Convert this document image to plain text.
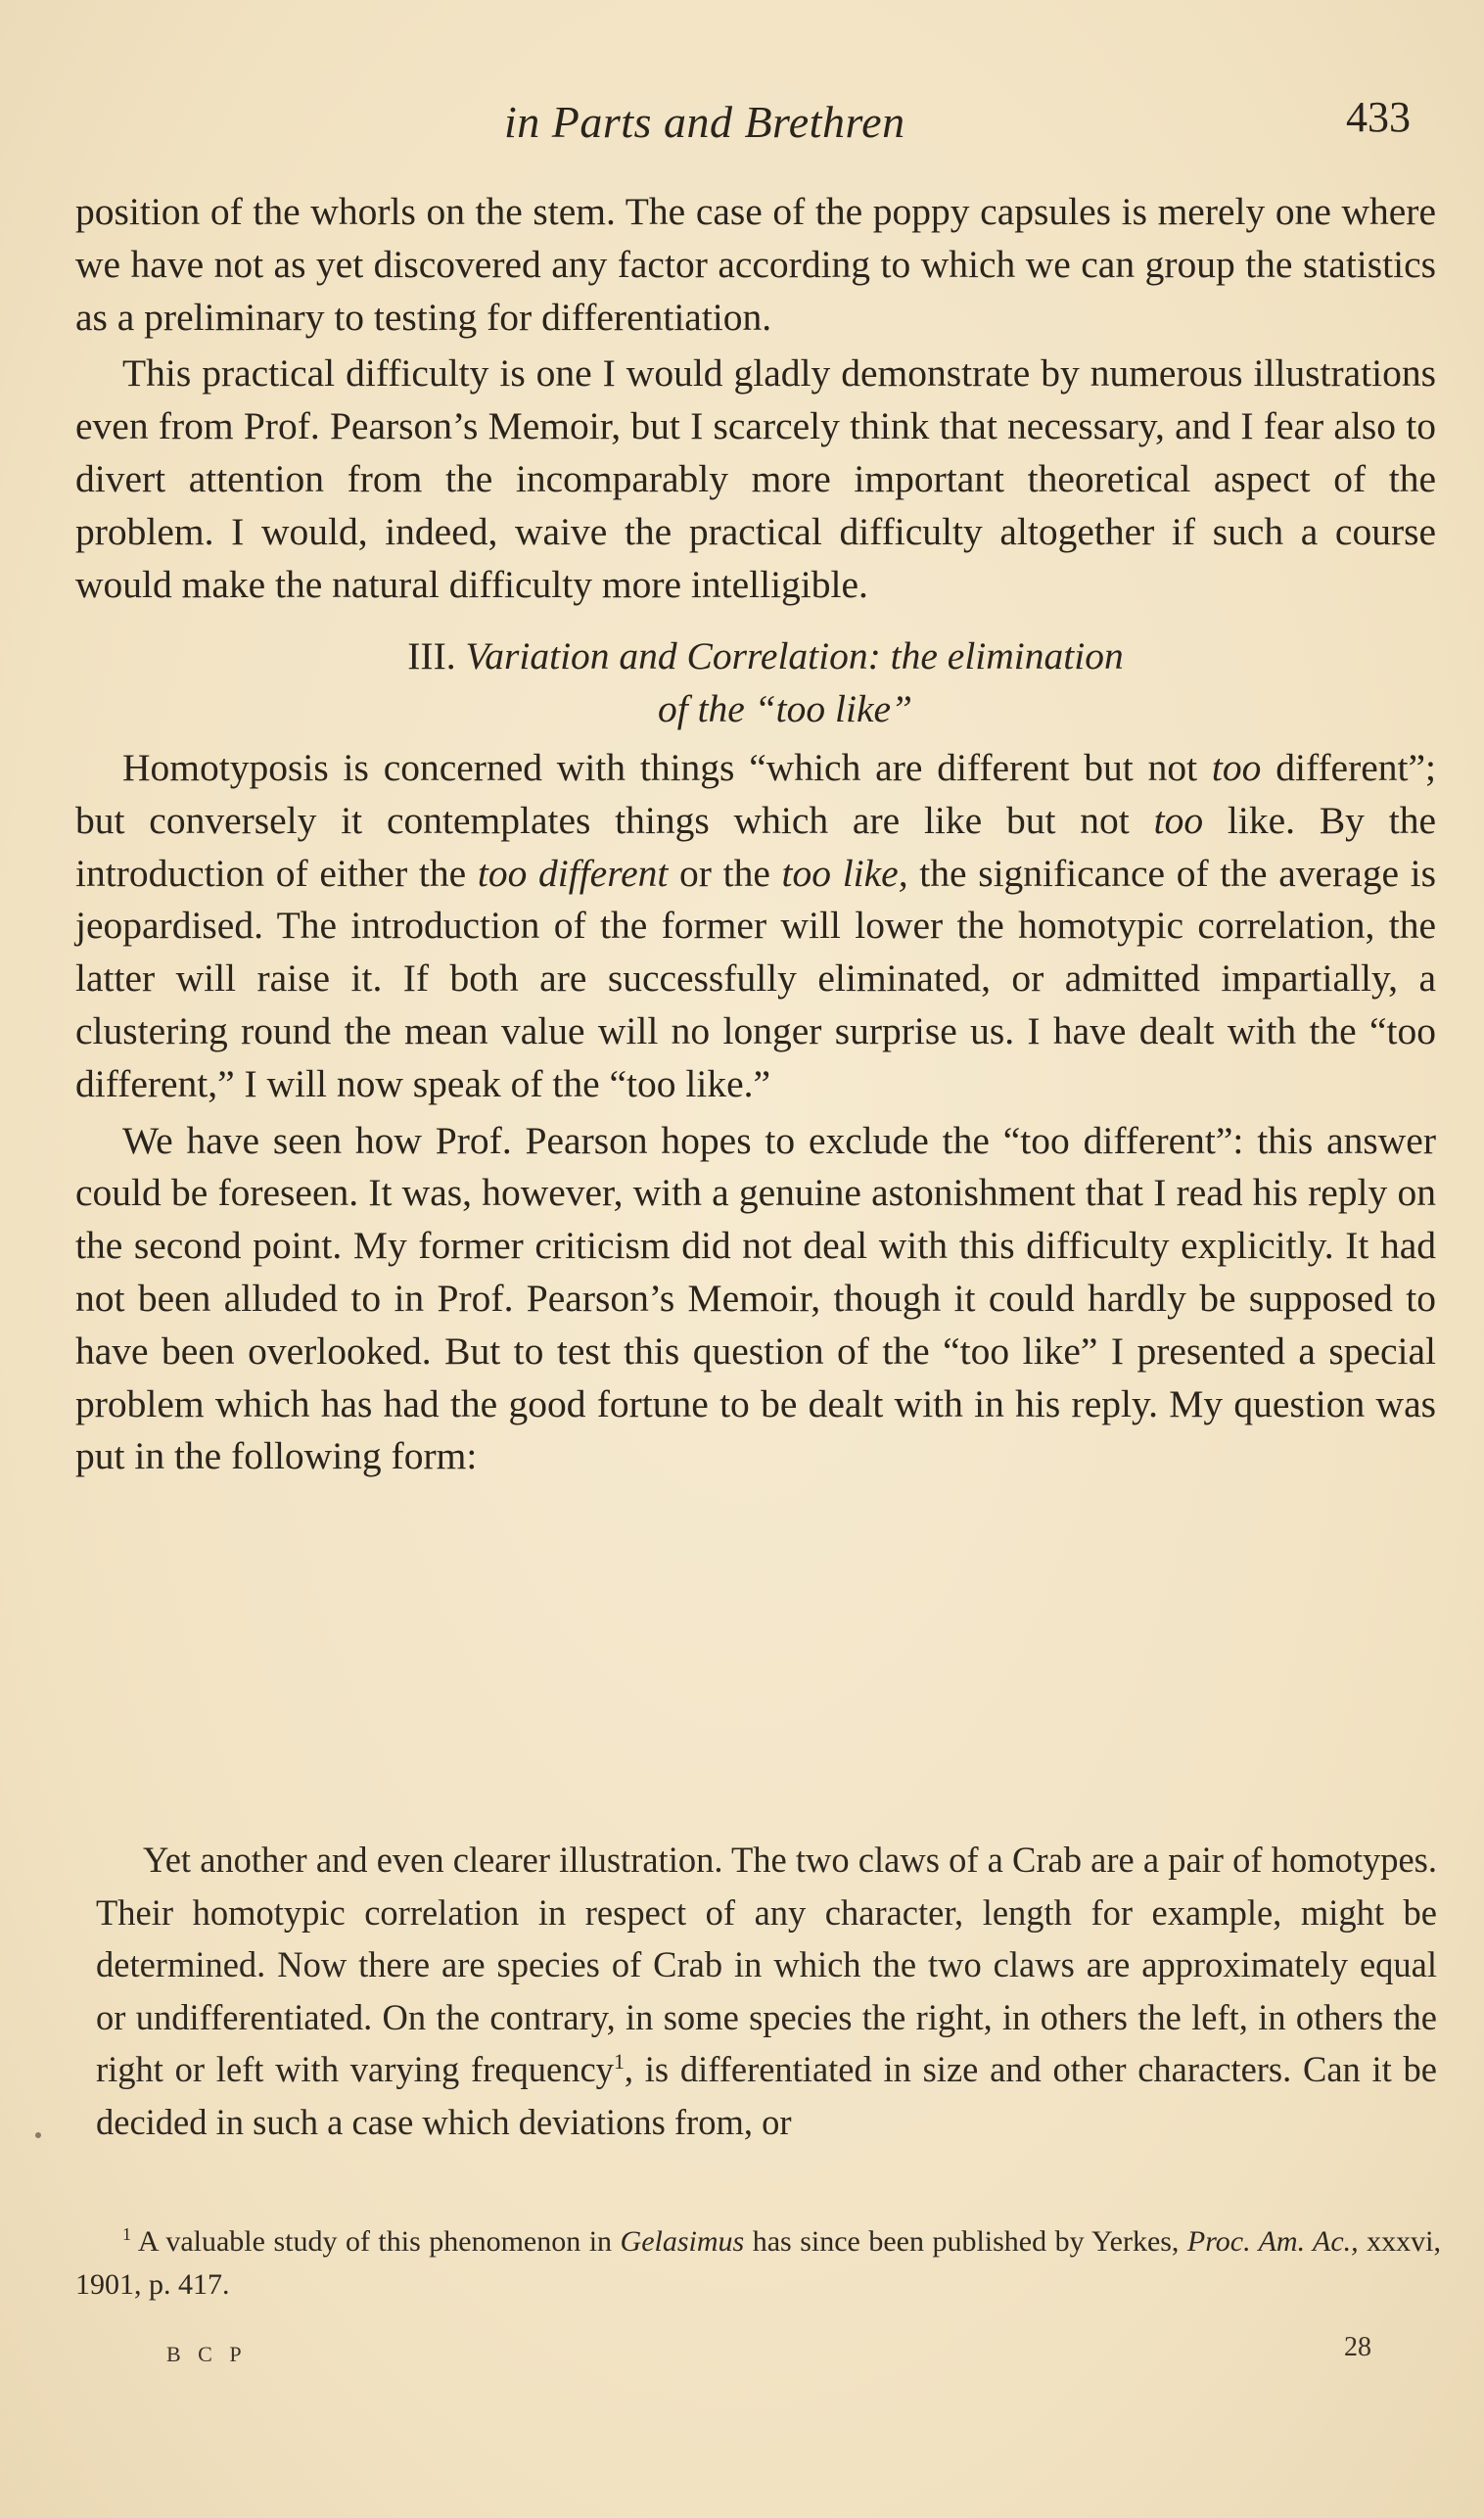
in Parts and Brethren	433

position of the whorls on the stem. The case of the poppy capsules is merely one where we have not as yet discovered any factor according to which we can group the statistics as a preliminary to testing for differentiation.

This practical difficulty is one I would gladly demonstrate by numerous illustrations even from Prof. Pearson’s Memoir, but I scarcely think that necessary, and I fear also to divert attention from the incomparably more important theoretical aspect of the problem. I would, indeed, waive the practical difficulty altogether if such a course would make the natural difficulty more intelligible.

III. Variation and Correlation: the elimination
of the “too like”

Homotyposis is concerned with things “which are different but not too different”; but conversely it contemplates things which are like but not too like. By the introduction of either the too different or the too like, the significance of the average is jeopardised. The introduction of the former will lower the homotypic correlation, the latter will raise it. If both are successfully eliminated, or admitted impartially, a clustering round the mean value will no longer surprise us. I have dealt with the “too different,” I will now speak of the “too like.”

We have seen how Prof. Pearson hopes to exclude the “too different”: this answer could be foreseen. It was, however, with a genuine astonishment that I read his reply on the second point. My former criticism did not deal with this difficulty explicitly. It had not been alluded to in Prof. Pearson’s Memoir, though it could hardly be supposed to have been overlooked. But to test this question of the “too like” I presented a special problem which has had the good fortune to be dealt with in his reply. My question was put in the following form:

Yet another and even clearer illustration. The two claws of a Crab are a pair of homotypes. Their homotypic correlation in respect of any character, length for example, might be determined. Now there are species of Crab in which the two claws are approximately equal or undifferentiated. On the contrary, in some species the right, in others the left, in others the right or left with varying frequency$^1$, is differentiated in size and other characters. Can it be decided in such a case which deviations from, or

$^1$ A valuable study of this phenomenon in Gelasimus has since been published by Yerkes, Proc. Am. Ac., xxxvi, 1901, p. 417.

B C P	28
